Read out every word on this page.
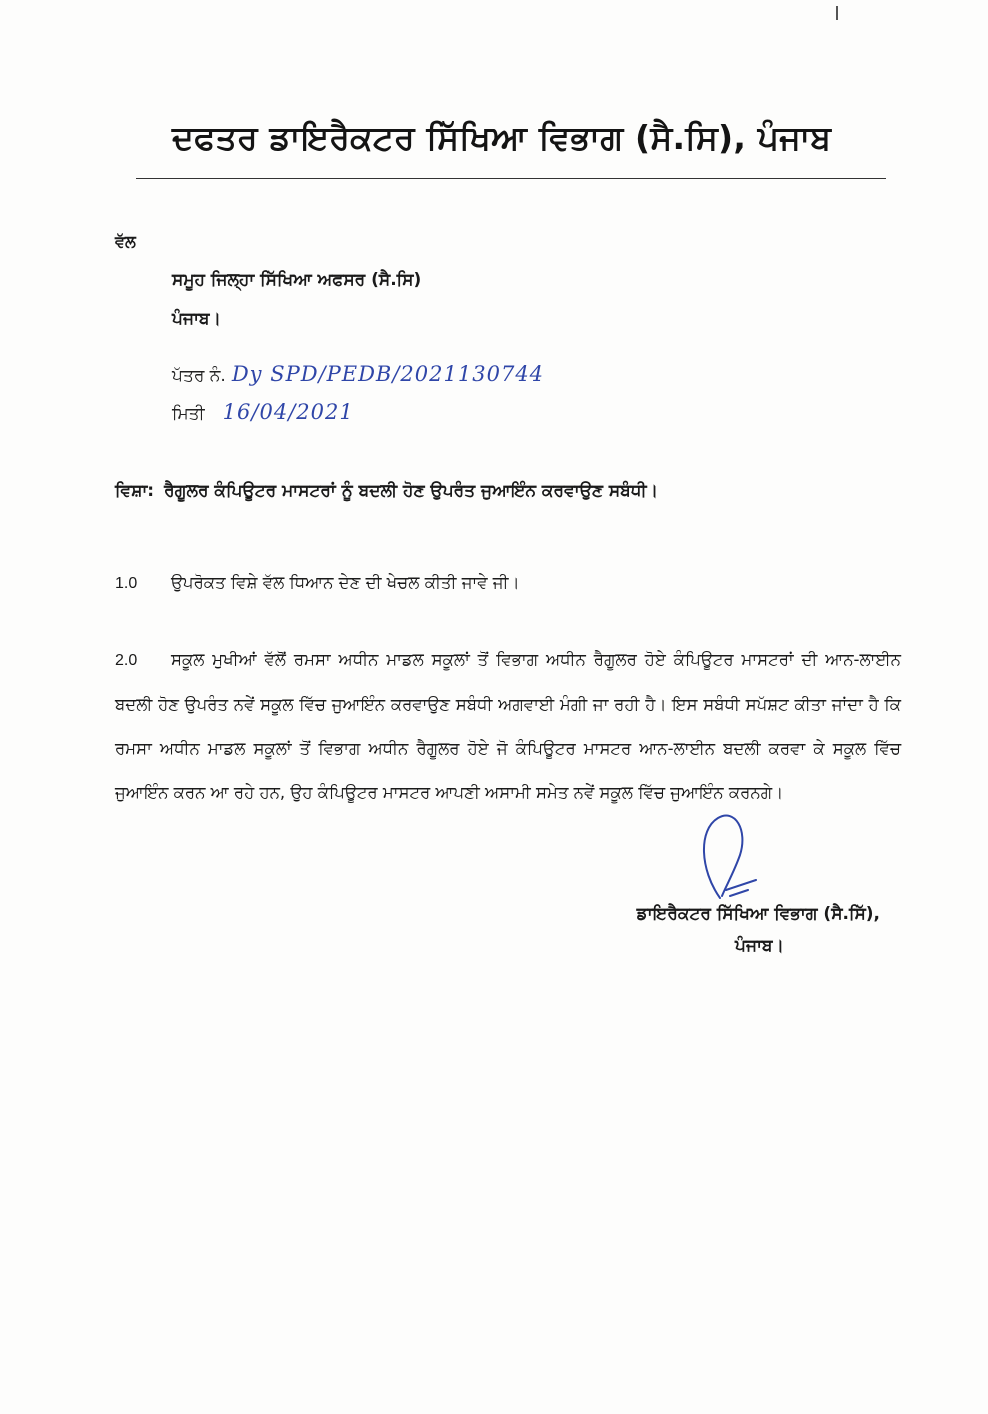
ਦਫਤਰ ਡਾਇਰੈਕਟਰ ਸਿੱਖਿਆ ਵਿਭਾਗ (ਸੈ.ਸਿ), ਪੰਜਾਬ
ਵੱਲ
ਸਮੂਹ ਜਿਲ੍ਹਾ ਸਿੱਖਿਆ ਅਫਸਰ (ਸੈ.ਸਿ)
ਪੰਜਾਬ।
ਪੱਤਰ ਨੰ. Dy SPD/PEDB/2021130744
ਮਿਤੀ 16/04/2021
ਵਿਸ਼ਾ: ਰੈਗੂਲਰ ਕੰਪਿਊਟਰ ਮਾਸਟਰਾਂ ਨੂੰ ਬਦਲੀ ਹੋਣ ਉਪਰੰਤ ਜੁਆਇੰਨ ਕਰਵਾਉਣ ਸਬੰਧੀ।
1.0 ਉਪਰੋਕਤ ਵਿਸ਼ੇ ਵੱਲ ਧਿਆਨ ਦੇਣ ਦੀ ਖੇਚਲ ਕੀਤੀ ਜਾਵੇ ਜੀ।
2.0 ਸਕੂਲ ਮੁਖੀਆਂ ਵੱਲੋਂ ਰਮਸਾ ਅਧੀਨ ਮਾਡਲ ਸਕੂਲਾਂ ਤੋਂ ਵਿਭਾਗ ਅਧੀਨ ਰੈਗੂਲਰ ਹੋਏ ਕੰਪਿਊਟਰ ਮਾਸਟਰਾਂ ਦੀ ਆਨ-ਲਾਈਨ ਬਦਲੀ ਹੋਣ ਉਪਰੰਤ ਨਵੇਂ ਸਕੂਲ ਵਿੱਚ ਜੁਆਇੰਨ ਕਰਵਾਉਣ ਸਬੰਧੀ ਅਗਵਾਈ ਮੰਗੀ ਜਾ ਰਹੀ ਹੈ। ਇਸ ਸਬੰਧੀ ਸਪੱਸ਼ਟ ਕੀਤਾ ਜਾਂਦਾ ਹੈ ਕਿ ਰਮਸਾ ਅਧੀਨ ਮਾਡਲ ਸਕੂਲਾਂ ਤੋਂ ਵਿਭਾਗ ਅਧੀਨ ਰੈਗੂਲਰ ਹੋਏ ਜੋ ਕੰਪਿਊਟਰ ਮਾਸਟਰ ਆਨ-ਲਾਈਨ ਬਦਲੀ ਕਰਵਾ ਕੇ ਸਕੂਲ ਵਿੱਚ ਜੁਆਇੰਨ ਕਰਨ ਆ ਰਹੇ ਹਨ, ਉਹ ਕੰਪਿਊਟਰ ਮਾਸਟਰ ਆਪਣੀ ਅਸਾਮੀ ਸਮੇਤ ਨਵੇਂ ਸਕੂਲ ਵਿੱਚ ਜੁਆਇੰਨ ਕਰਨਗੇ।
ਡਾਇਰੈਕਟਰ ਸਿੱਖਿਆ ਵਿਭਾਗ (ਸੈ.ਸਿੱ),
ਪੰਜਾਬ।
